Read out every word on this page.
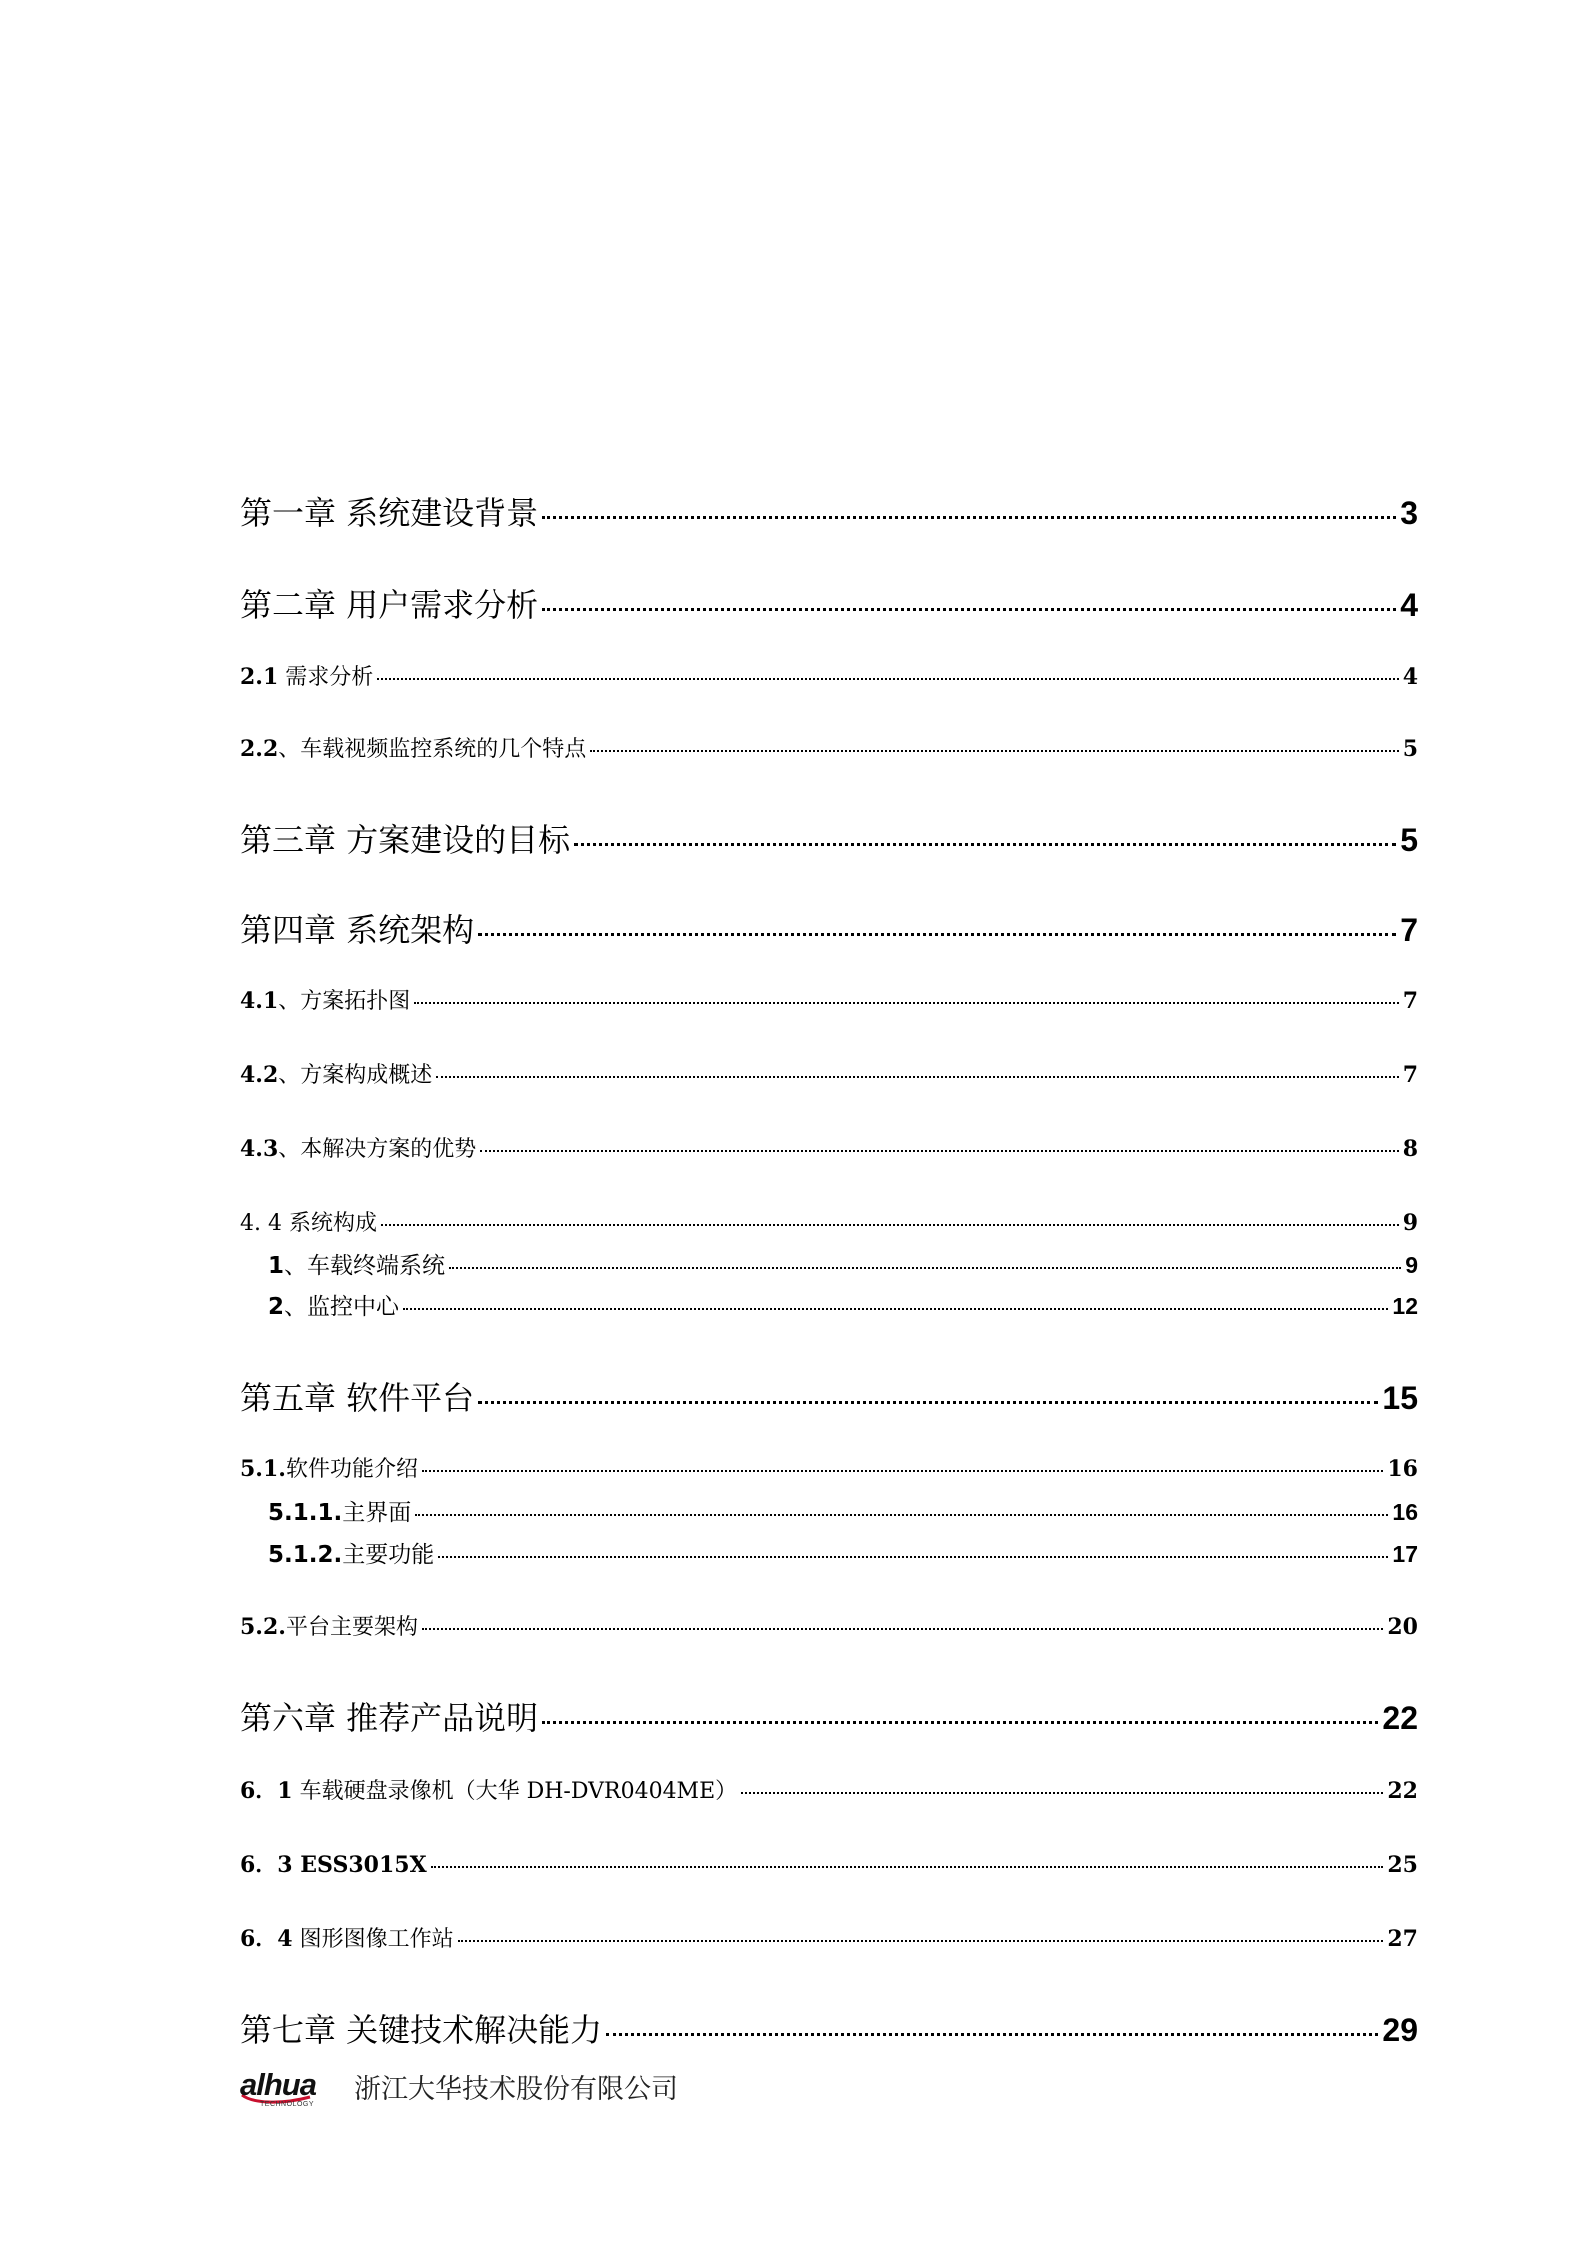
第一章 系统建设背景	3
第二章 用户需求分析	4
2.1 需求分析	4
2.2、车载视频监控系统的几个特点	5
第三章 方案建设的目标	5
第四章 系统架构	7
4.1、方案拓扑图	7
4.2、方案构成概述	7
4.3、本解决方案的优势	8
4. 4 系统构成	9
1、车载终端系统	9
2、监控中心	12
第五章 软件平台	15
5.1.软件功能介绍	16
5.1.1.主界面	16
5.1.2.主要功能	17
5.2.平台主要架构	20
第六章 推荐产品说明	22
6．1 车载硬盘录像机（大华 DH-DVR0404ME）	22
6．3 ESS3015X	25
6．4 图形图像工作站	27
第七章 关键技术解决能力	29
alhua
TECHNOLOGY 浙江大华技术股份有限公司
